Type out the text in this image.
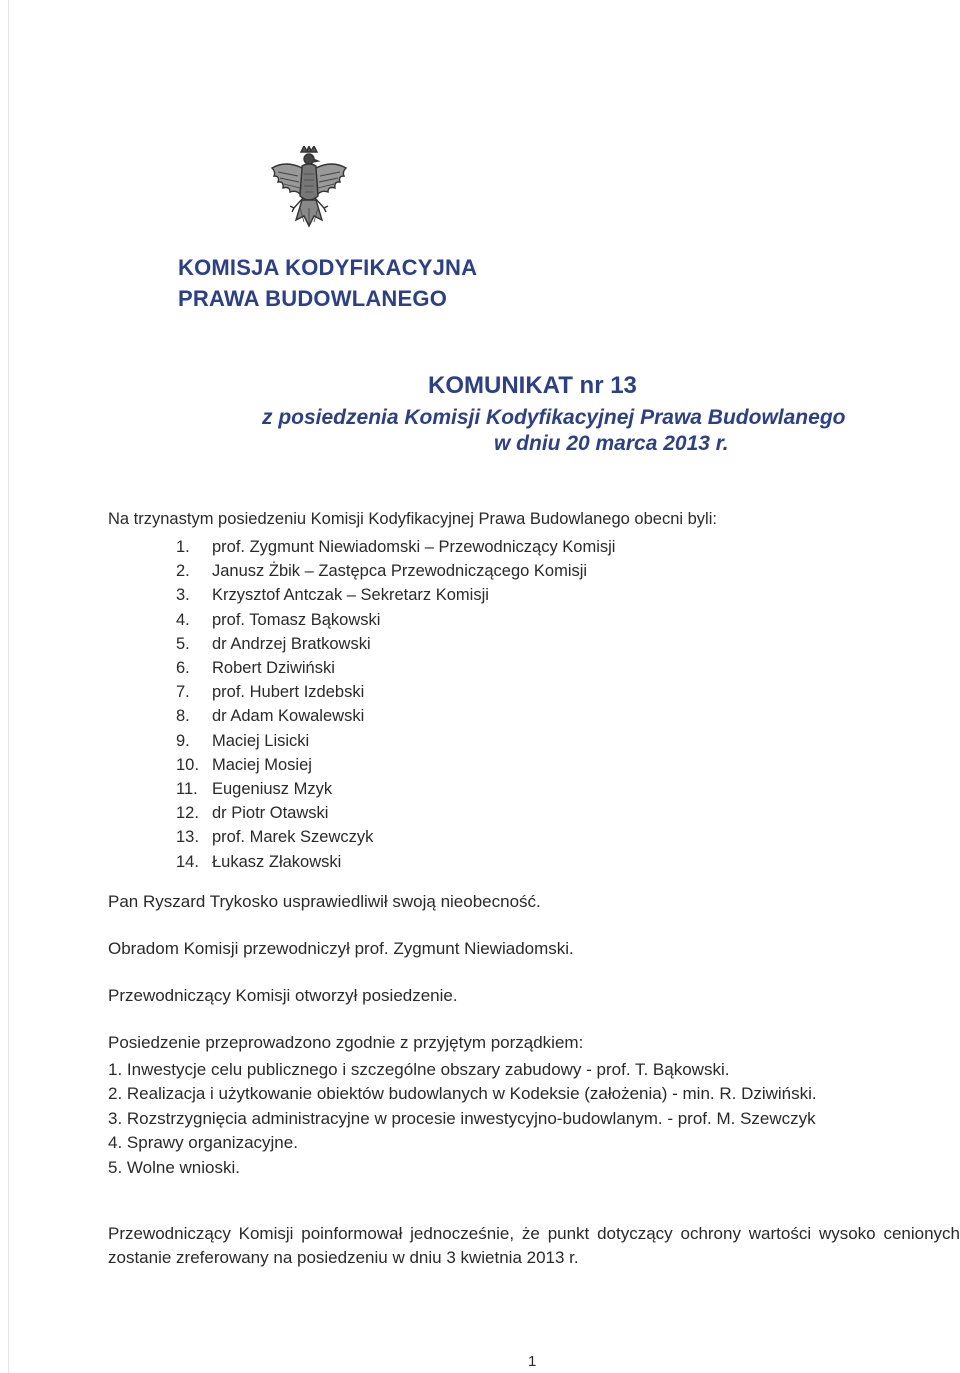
KOMISJA KODYFIKACYJNA
PRAWA BUDOWLANEGO
KOMUNIKAT nr 13
z posiedzenia Komisji Kodyfikacyjnej Prawa Budowlanego
w dniu 20 marca 2013 r.
Na trzynastym posiedzeniu Komisji Kodyfikacyjnej Prawa Budowlanego obecni byli:
1.	prof. Zygmunt Niewiadomski – Przewodniczący Komisji
2.	Janusz Żbik – Zastępca Przewodniczącego Komisji
3.	Krzysztof Antczak – Sekretarz Komisji
4.	prof. Tomasz Bąkowski
5.	dr Andrzej Bratkowski
6.	Robert Dziwiński
7.	prof. Hubert Izdebski
8.	dr Adam Kowalewski
9.	Maciej Lisicki
10. Maciej Mosiej
11. Eugeniusz Mzyk
12. dr Piotr Otawski
13. prof. Marek Szewczyk
14. Łukasz Złakowski
Pan Ryszard Trykosko usprawiedliwił swoją nieobecność.
Obradom Komisji przewodniczył prof. Zygmunt Niewiadomski.
Przewodniczący Komisji otworzył posiedzenie.
Posiedzenie przeprowadzono zgodnie z przyjętym porządkiem:
1. Inwestycje celu publicznego i szczególne obszary zabudowy - prof. T. Bąkowski.
2. Realizacja i użytkowanie obiektów budowlanych w Kodeksie (założenia) - min. R. Dziwiński.
3. Rozstrzygnięcia administracyjne w procesie inwestycyjno-budowlanym. - prof. M. Szewczyk
4. Sprawy organizacyjne.
5. Wolne wnioski.
Przewodniczący Komisji poinformował jednocześnie, że punkt dotyczący ochrony wartości wysoko cenionych zostanie zreferowany na posiedzeniu w dniu 3 kwietnia 2013 r.
1
